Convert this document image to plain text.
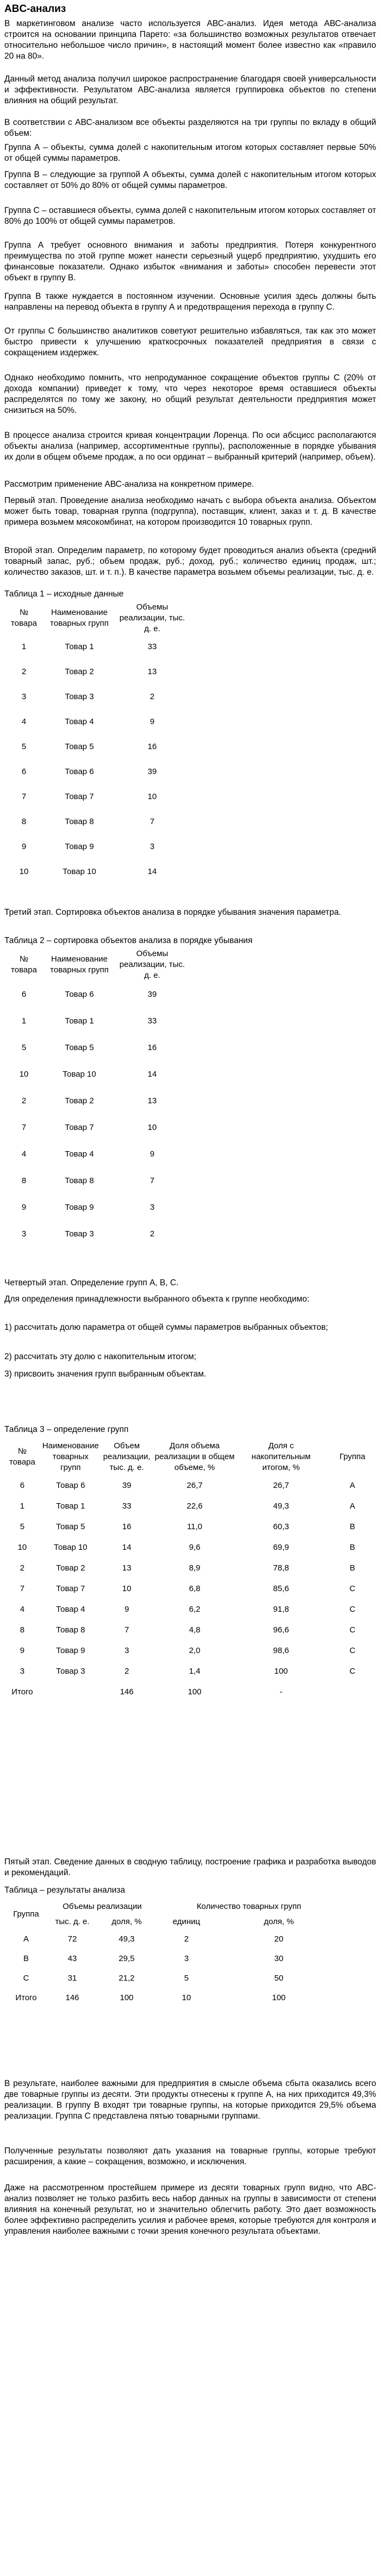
ABC-анализ

В маркетинговом анализе часто используется АВС-анализ. Идея метода АВС-анализа строится на основании принципа Парето: «за большинство возможных результатов отвечает относительно небольшое число причин», в настоящий момент более известно как «правило 20 на 80».

Данный метод анализа получил широкое распространение благодаря своей универсальности и эффективности. Результатом АВС-анализа является группировка объектов по степени влияния на общий результат.

В соответствии с АВС-анализом все объекты разделяются на три группы по вкладу в общий объем:

Группа А – объекты, сумма долей с накопительным итогом которых составляет первые 50% от общей суммы параметров.

Группа В – следующие за группой А объекты, сумма долей с накопительным итогом которых составляет от 50% до 80% от общей суммы параметров.

Группа С – оставшиеся объекты, сумма долей с накопительным итогом которых составляет от 80% до 100% от общей суммы параметров.

Группа А требует основного внимания и заботы предприятия. Потеря конкурентного преимущества по этой группе может нанести серьезный ущерб предприятию, ухудшить его финансовые показатели. Однако избыток «внимания и заботы» способен перевести этот объект в группу В.

Группа В также нуждается в постоянном изучении. Основные усилия здесь должны быть направлены на перевод объекта в группу А и предотвращения перехода в группу С.

От группы С большинство аналитиков советуют решительно избавляться, так как это может быстро привести к улучшению краткосрочных показателей предприятия в связи с сокращением издержек.

Однако необходимо помнить, что непродуманное сокращение объектов группы С (20% от дохода компании) приведет к тому, что через некоторое время оставшиеся объекты распределятся по тому же закону, но общий результат деятельности предприятия может снизиться на 50%.

В процессе анализа строится кривая концентрации Лоренца. По оси абсцисс располагаются объекты анализа (например, ассортиментные группы), расположенные в порядке убывания их доли в общем объеме продаж, а по оси ординат – выбранный критерий (например, объем).

Рассмотрим применение АВС-анализа на конкретном примере.

Первый этап. Проведение анализа необходимо начать с выбора объекта анализа. Объектом может быть товар, товарная группа (подгруппа), поставщик, клиент, заказ и т. д. В качестве примера возьмем мясокомбинат, на котором производится 10 товарных групп.

Второй этап. Определим параметр, по которому будет проводиться анализ объекта (средний товарный запас, руб.; объем продаж, руб.; доход, руб.; количество единиц продаж, шт.; количество заказов, шт. и т. п.). В качестве параметра возьмем объемы реализации, тыс. д. е.

Таблица 1 – исходные данные

№ товара	Наименование товарных групп	Объемы реализации, тыс. д. е.
1	Товар 1	33
2	Товар 2	13
3	Товар 3	2
4	Товар 4	9
5	Товар 5	16
6	Товар 6	39
7	Товар 7	10
8	Товар 8	7
9	Товар 9	3
10	Товар 10	14

Третий этап. Сортировка объектов анализа в порядке убывания значения параметра.

Таблица 2 – сортировка объектов анализа в порядке убывания

№ товара	Наименование товарных групп	Объемы реализации, тыс. д. е.
6	Товар 6	39
1	Товар 1	33
5	Товар 5	16
10	Товар 10	14
2	Товар 2	13
7	Товар 7	10
4	Товар 4	9
8	Товар 8	7
9	Товар 9	3
3	Товар 3	2

Четвертый этап. Определение групп А, В, С.

Для определения принадлежности выбранного объекта к группе необходимо:

1) рассчитать долю параметра от общей суммы параметров выбранных объектов;

2) рассчитать эту долю с накопительным итогом;

3) присвоить значения групп выбранным объектам.

Таблица 3 – определение групп

№ товара	Наименование товарных групп	Объем реализации, тыс. д. е.	Доля объема реализации в общем объеме, %	Доля с накопительным итогом, %	Группа
6	Товар 6	39	26,7	26,7	A
1	Товар 1	33	22,6	49,3	A
5	Товар 5	16	11,0	60,3	B
10	Товар 10	14	9,6	69,9	B
2	Товар 2	13	8,9	78,8	B
7	Товар 7	10	6,8	85,6	C
4	Товар 4	9	6,2	91,8	C
8	Товар 8	7	4,8	96,6	C
9	Товар 9	3	2,0	98,6	C
3	Товар 3	2	1,4	100	C
Итого		146	100	-	

Пятый этап. Сведение данных в сводную таблицу, построение графика и разработка выводов и рекомендаций.

Таблица – результаты анализа

Группа	Объемы реализации		Количество товарных групп	
	тыс. д. е.	доля, %	единиц	доля, %
A	72	49,3	2	20
B	43	29,5	3	30
C	31	21,2	5	50
Итого	146	100	10	100

В результате, наиболее важными для предприятия в смысле объема сбыта оказались всего две товарные группы из десяти. Эти продукты отнесены к группе А, на них приходится 49,3% реализации. В группу В входят три товарные группы, на которые приходится 29,5% объема реализации. Группа С представлена пятью товарными группами.

Полученные результаты позволяют дать указания на товарные группы, которые требуют расширения, а какие – сокращения, возможно, и исключения.

Даже на рассмотренном простейшем примере из десяти товарных групп видно, что АВС-анализ позволяет не только разбить весь набор данных на группы в зависимости от степени влияния на конечный результат, но и значительно облегчить работу. Это дает возможность более эффективно распределить усилия и рабочее время, которые требуются для контроля и управления наиболее важными с точки зрения конечного результата объектами.
